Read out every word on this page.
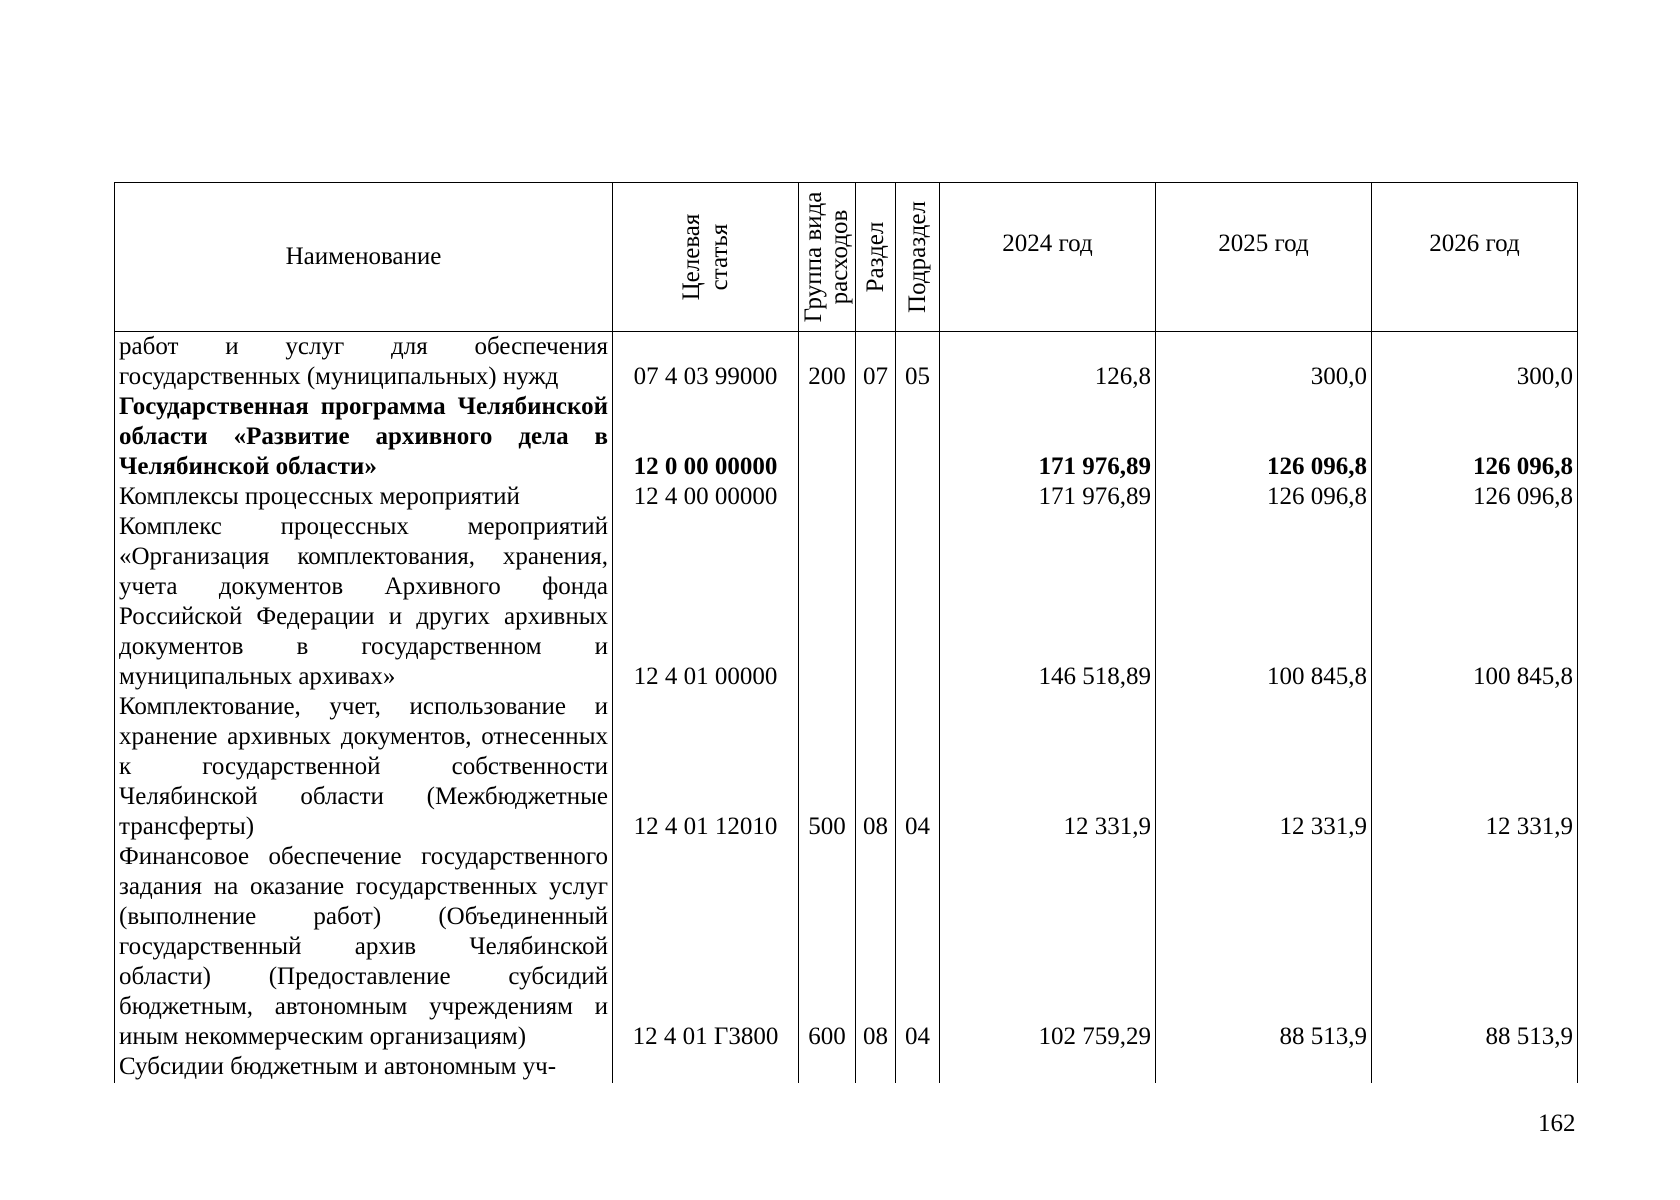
Наименование	Целевая статья	Группа вида расходов	Раздел	Подраздел	2024 год	2025 год	2026 год

работ и услуг для обеспечения государственных (муниципальных) нужд	07 4 03 99000	200	07	05	126,8	300,0	300,0
Государственная программа Челябинской области «Развитие архивного дела в Челябинской области»	12 0 00 00000				171 976,89	126 096,8	126 096,8
Комплексы процессных мероприятий	12 4 00 00000				171 976,89	126 096,8	126 096,8
Комплекс процессных мероприятий «Организация комплектования, хранения, учета документов Архивного фонда Российской Федерации и других архивных документов в государственном и муниципальных архивах»	12 4 01 00000				146 518,89	100 845,8	100 845,8
Комплектование, учет, использование и хранение архивных документов, отнесенных к государственной собственности Челябинской области (Межбюджетные трансферты)	12 4 01 12010	500	08	04	12 331,9	12 331,9	12 331,9
Финансовое обеспечение государственного задания на оказание государственных услуг (выполнение работ) (Объединенный государственный архив Челябинской области) (Предоставление субсидий бюджетным, автономным учреждениям и иным некоммерческим организациям)	12 4 01 Г3800	600	08	04	102 759,29	88 513,9	88 513,9
Субсидии бюджетным и автономным уч-							
162
